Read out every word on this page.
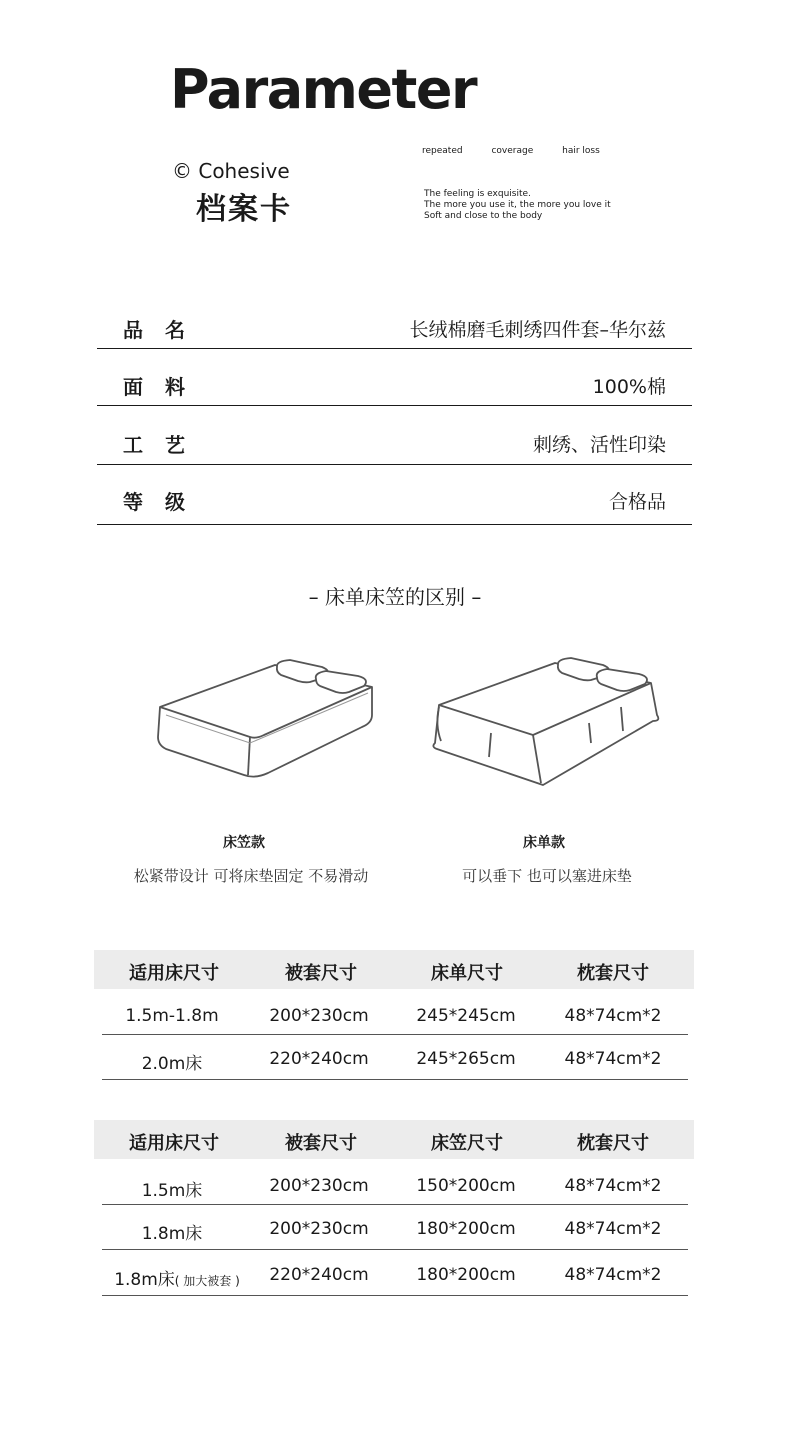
Parameter
© Cohesive
档案卡
repeated	coverage	hair loss
The feeling is exquisite.
The more you use it, the more you love it
Soft and close to the body
品名	长绒棉磨毛刺绣四件套–华尔兹
面料	100%棉
工艺	刺绣、活性印染
等级	合格品
– 床单床笠的区别 –
床笠款
松紧带设计 可将床垫固定 不易滑动
床单款
可以垂下 也可以塞进床垫
适用床尺寸	被套尺寸	床单尺寸	枕套尺寸
1.5m-1.8m	200*230cm	245*245cm	48*74cm*2
2.0m床	220*240cm	245*265cm	48*74cm*2
适用床尺寸	被套尺寸	床笠尺寸	枕套尺寸
1.5m床	200*230cm	150*200cm	48*74cm*2
1.8m床	200*230cm	180*200cm	48*74cm*2
1.8m床( 加大被套 )	220*240cm	180*200cm	48*74cm*2
